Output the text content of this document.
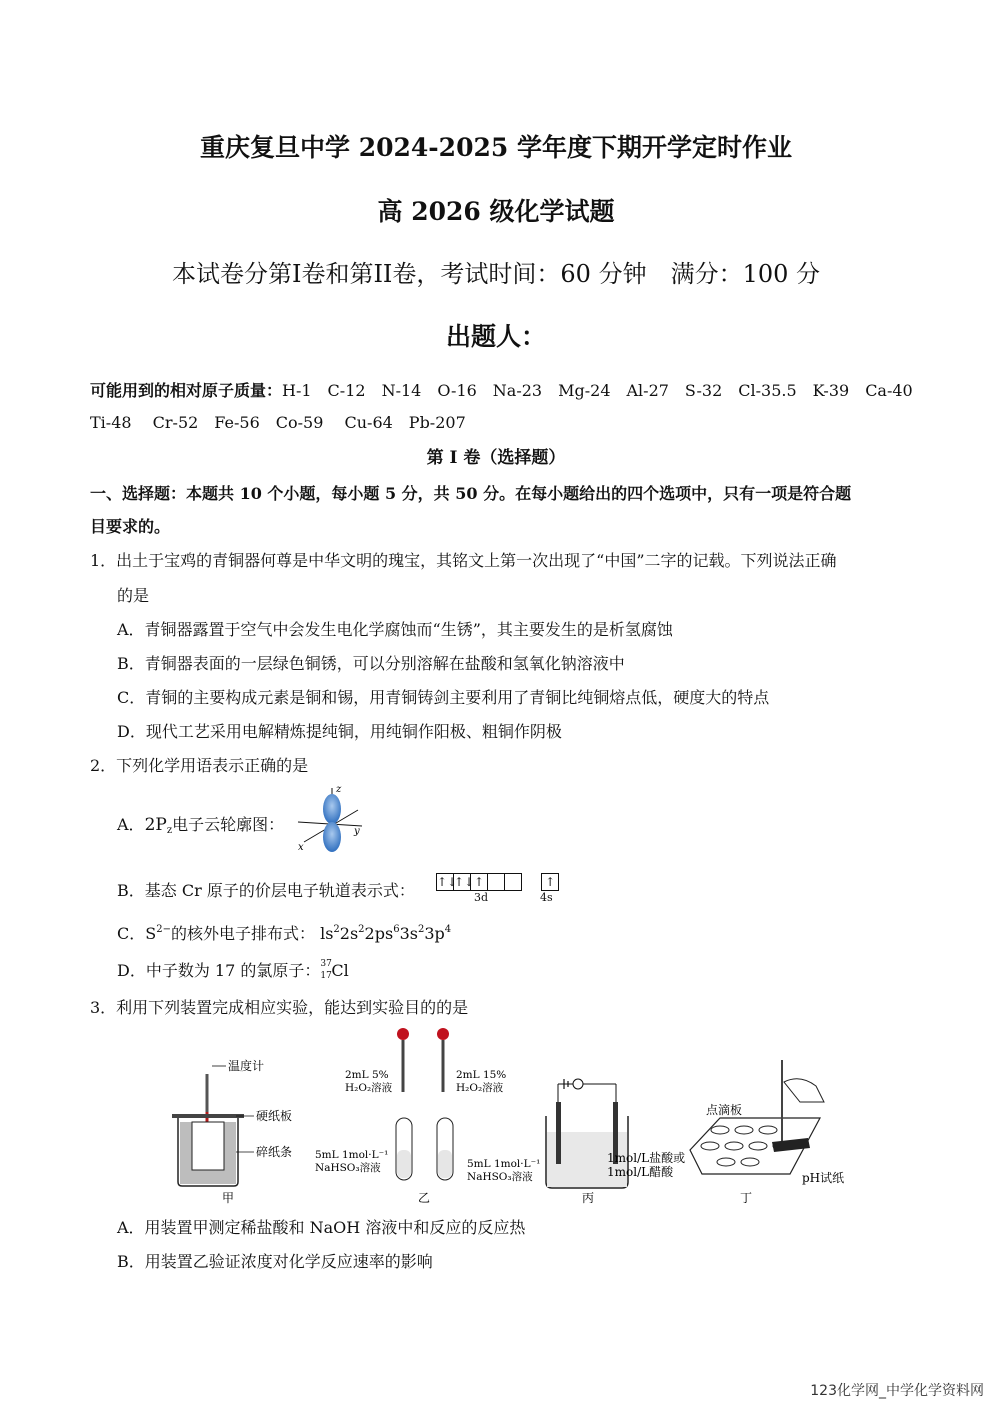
重庆复旦中学 2024-2025 学年度下期开学定时作业
高 2026 级化学试题
本试卷分第I卷和第II卷，考试时间：60 分钟　满分：100 分
出题人：
可能用到的相对原子质量：H-1　C-12　N-14　O-16　Na-23　Mg-24　Al-27　S-32　Cl-35.5　K-39　Ca-40
Ti-48　 Cr-52　Fe-56　Co-59　 Cu-64　Pb-207
第 I 卷（选择题）
一、选择题：本题共 10 个小题，每小题 5 分，共 50 分。在每小题给出的四个选项中，只有一项是符合题
目要求的。
1．出土于宝鸡的青铜器何尊是中华文明的瑰宝，其铭文上第一次出现了“中国”二字的记载。下列说法正确
的是
A．青铜器露置于空气中会发生电化学腐蚀而“生锈”，其主要发生的是析氢腐蚀
B．青铜器表面的一层绿色铜锈，可以分别溶解在盐酸和氢氧化钠溶液中
C．青铜的主要构成元素是铜和锡，用青铜铸剑主要利用了青铜比纯铜熔点低，硬度大的特点
D．现代工艺采用电解精炼提纯铜，用纯铜作阳极、粗铜作阴极
2．下列化学用语表示正确的是
A．2Pz电子云轮廓图：
z
y
x
B．基态 Cr 原子的价层电子轨道表示式： ↑↓↑↓↑	↑
3d	4s
C．$S^{2-}$的核外电子排布式： $ls^22s^22ps^63s^23p^4$
D．中子数为 17 的氯原子： 37
17 Cl
3．利用下列装置完成相应实验，能达到实验目的的是
温度计
硬纸板
碎纸条
甲
2mL 5%
H₂O₂溶液
2mL 15%
H₂O₂溶液
5mL 1mol·L⁻¹
NaHSO₃溶液	5mL 1mol·L⁻¹
NaHSO₃溶液
乙
1mol/L盐酸或
1mol/L醋酸
丙
点滴板
pH试纸
丁
A．用装置甲测定稀盐酸和 NaOH 溶液中和反应的反应热
B．用装置乙验证浓度对化学反应速率的影响
123化学网_中学化学资料网
